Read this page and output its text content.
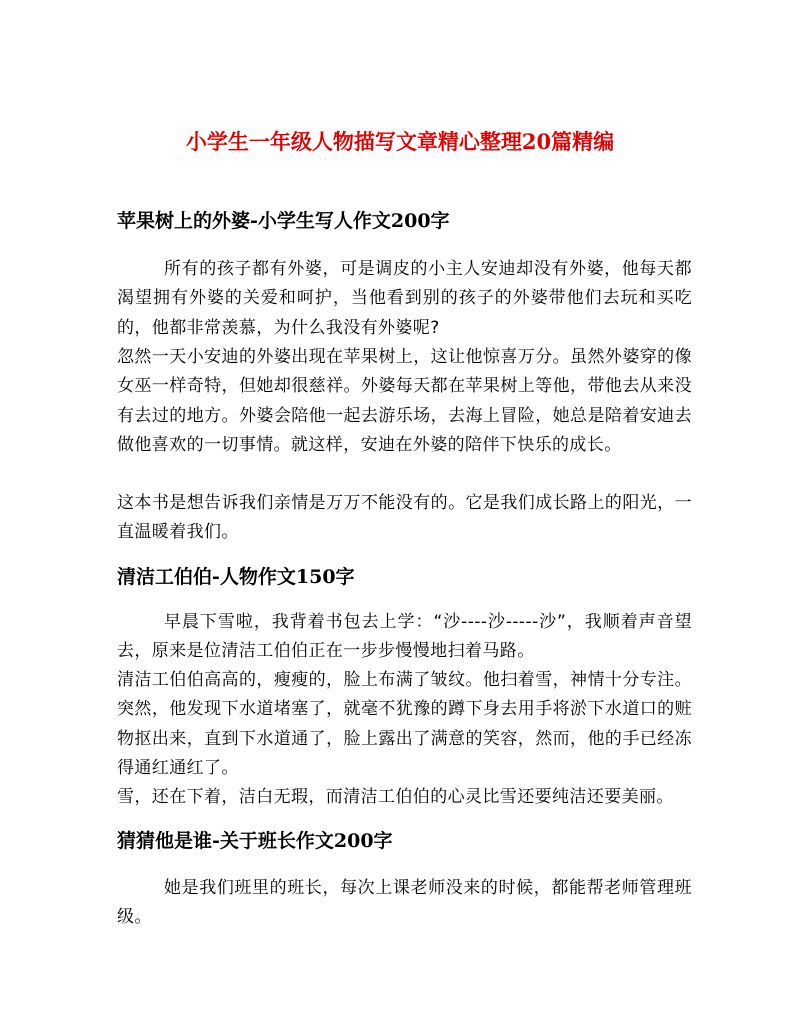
小学生一年级人物描写文章精心整理20篇精编
苹果树上的外婆-小学生写人作文200字

所有的孩子都有外婆，可是调皮的小主人安迪却没有外婆，他每天都渴望拥有外婆的关爱和呵护，当他看到别的孩子的外婆带他们去玩和买吃的，他都非常羡慕，为什么我没有外婆呢?

忽然一天小安迪的外婆出现在苹果树上，这让他惊喜万分。虽然外婆穿的像女巫一样奇特，但她却很慈祥。外婆每天都在苹果树上等他，带他去从来没有去过的地方。外婆会陪他一起去游乐场，去海上冒险，她总是陪着安迪去做他喜欢的一切事情。就这样，安迪在外婆的陪伴下快乐的成长。

这本书是想告诉我们亲情是万万不能没有的。它是我们成长路上的阳光，一直温暖着我们。

清洁工伯伯-人物作文150字

早晨下雪啦，我背着书包去上学：“沙----沙-----沙”，我顺着声音望去，原来是位清洁工伯伯正在一步步慢慢地扫着马路。

清洁工伯伯高高的，瘦瘦的，脸上布满了皱纹。他扫着雪，神情十分专注。突然，他发现下水道堵塞了，就毫不犹豫的蹲下身去用手将淤下水道口的赃物抠出来，直到下水道通了，脸上露出了满意的笑容，然而，他的手已经冻得通红通红了。

雪，还在下着，洁白无瑕，而清洁工伯伯的心灵比雪还要纯洁还要美丽。

猜猜他是谁-关于班长作文200字

她是我们班里的班长，每次上课老师没来的时候，都能帮老师管理班级。
